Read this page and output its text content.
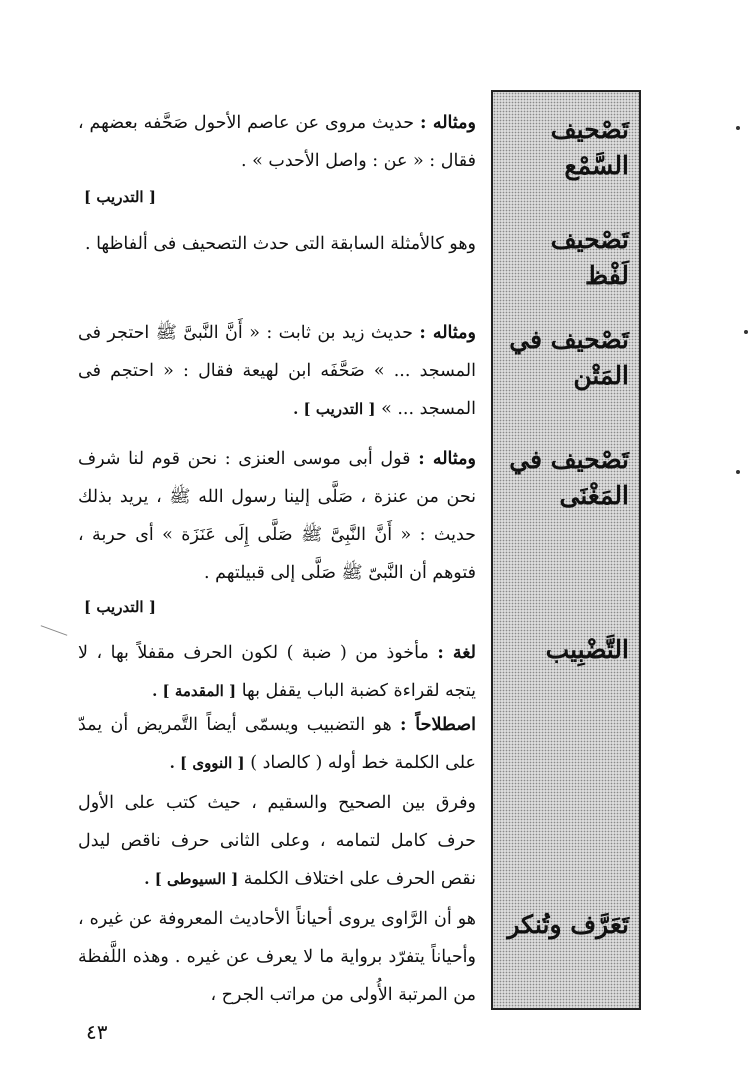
تَصْحيف السَّمْع
تَصْحيف لَفْظ
تَصْحيف في المَتْن
تَصْحيف في المَغْنَى
التَّضْبِيب
تَعَرَّف وتُنكر
ومثاله : حديث مروى عن عاصم الأحول صَحَّفه بعضهم ، فقال : « عن : واصل الأحدب » .
[ التدريب ]
وهو كالأمثلة السابقة التى حدث التصحيف فى ألفاظها .
ومثاله : حديث زيد بن ثابت : « أَنَّ النَّبىَّ ﷺ احتجر فى المسجد ... » صَحَّفَه ابن لهيعة فقال : « احتجم فى المسجد ... » [ التدريب ] .
ومثاله : قول أبى موسى العنزى : نحن قوم لنا شرف نحن من عنزة ، صَلَّى إلينا رسول الله ﷺ ، يريد بذلك حديث : « أَنَّ النَّبِىَّ ﷺ صَلَّى إِلَى عَنَزَة » أى حربة ، فتوهم أن النَّبىّ ﷺ صَلَّى إلى قبيلتهم .
[ التدريب ]
لغة : مأخوذ من ( ضبة ) لكون الحرف مقفلاً بها ، لا يتجه لقراءة كضبة الباب يقفل بها [ المقدمة ] .
اصطلاحاً : هو التضبيب ويسمّى أيضاً التَّمريض أن يمدّ على الكلمة خط أوله ( كالصاد ) [ النووى ] .
وفرق بين الصحيح والسقيم ، حيث كتب على الأول حرف كامل لتمامه ، وعلى الثانى حرف ناقص ليدل نقص الحرف على اختلاف الكلمة [ السيوطى ] .
هو أن الرَّاوى يروى أحياناً الأحاديث المعروفة عن غيره ، وأحياناً يتفرّد برواية ما لا يعرف عن غيره . وهذه اللَّفظة من المرتبة الأُولى من مراتب الجرح ،
٤٣
